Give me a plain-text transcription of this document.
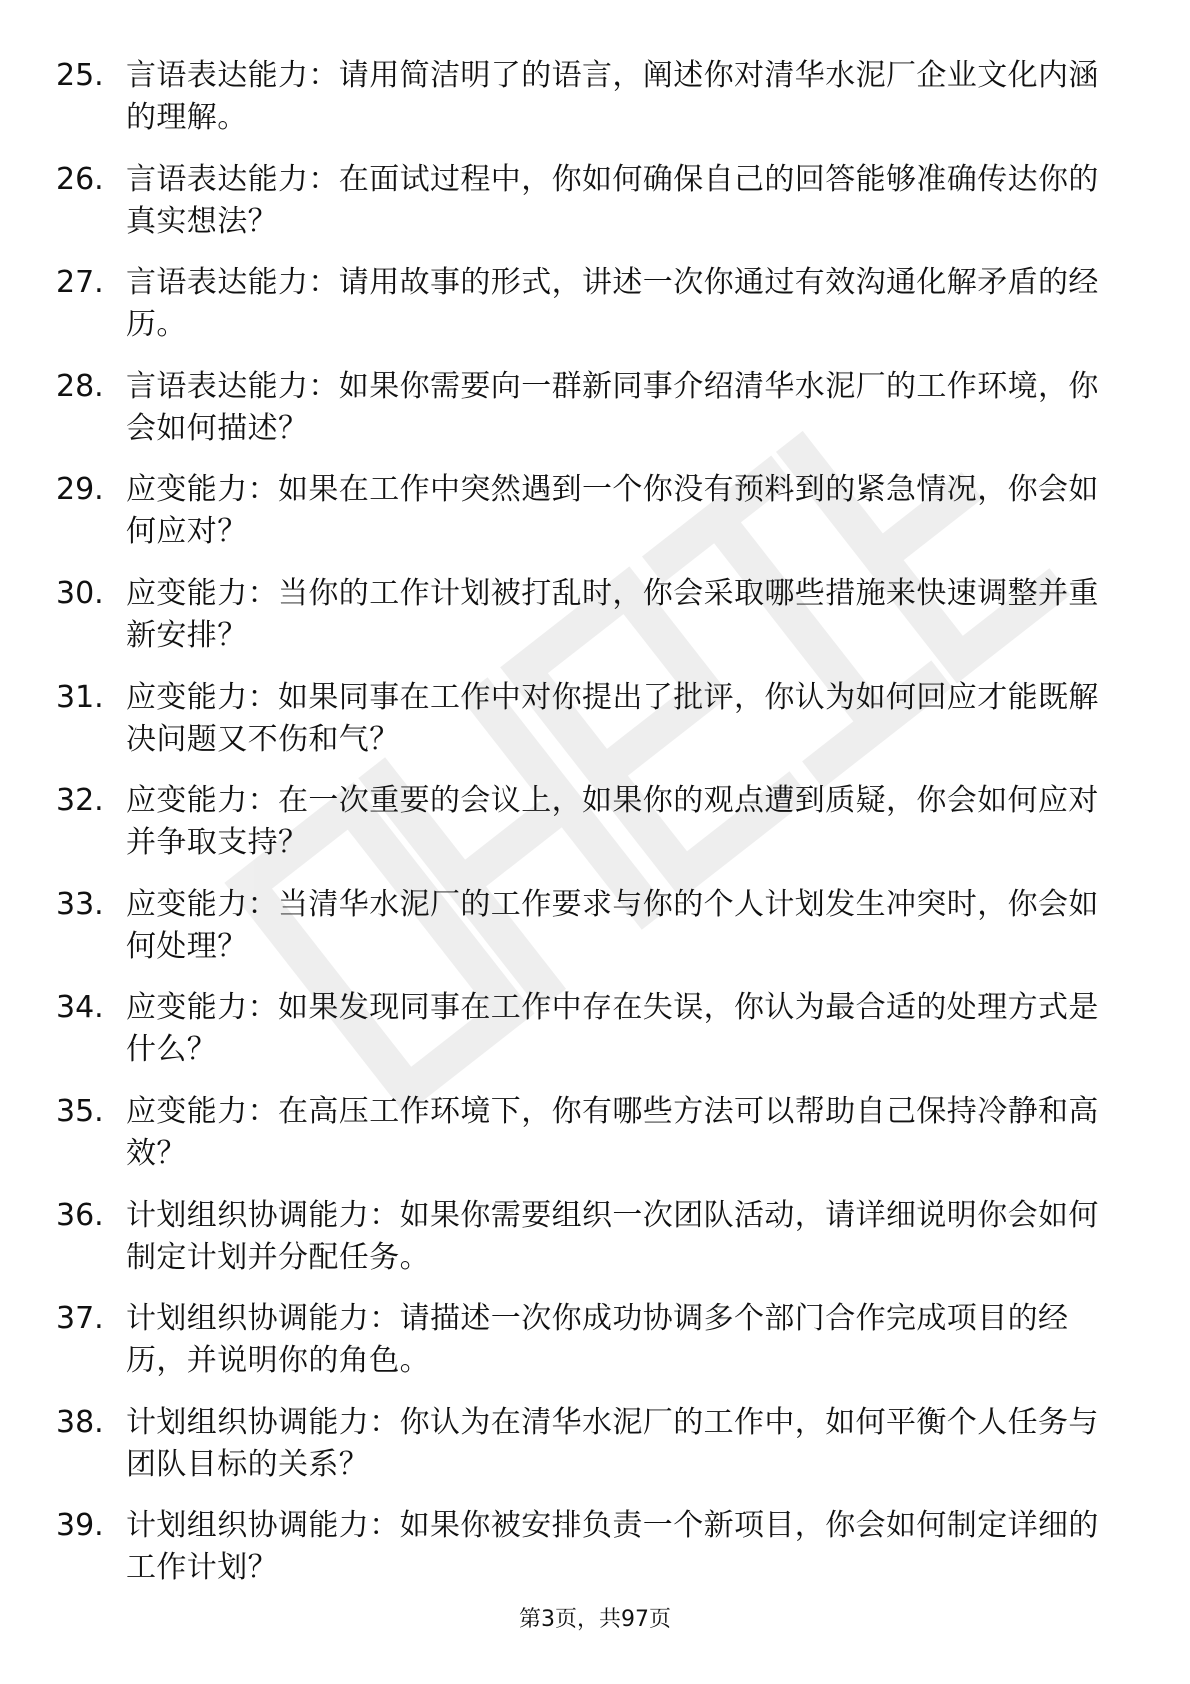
25. 言语表达能力：请用简洁明了的语言，阐述你对清华水泥厂企业文化内涵的理解。
26. 言语表达能力：在面试过程中，你如何确保自己的回答能够准确传达你的真实想法？
27. 言语表达能力：请用故事的形式，讲述一次你通过有效沟通化解矛盾的经历。
28. 言语表达能力：如果你需要向一群新同事介绍清华水泥厂的工作环境，你会如何描述？
29. 应变能力：如果在工作中突然遇到一个你没有预料到的紧急情况，你会如何应对？
30. 应变能力：当你的工作计划被打乱时，你会采取哪些措施来快速调整并重新安排？
31. 应变能力：如果同事在工作中对你提出了批评，你认为如何回应才能既解决问题又不伤和气？
32. 应变能力：在一次重要的会议上，如果你的观点遭到质疑，你会如何应对并争取支持？
33. 应变能力：当清华水泥厂的工作要求与你的个人计划发生冲突时，你会如何处理？
34. 应变能力：如果发现同事在工作中存在失误，你认为最合适的处理方式是什么？
35. 应变能力：在高压工作环境下，你有哪些方法可以帮助自己保持冷静和高效？
36. 计划组织协调能力：如果你需要组织一次团队活动，请详细说明你会如何制定计划并分配任务。
37. 计划组织协调能力：请描述一次你成功协调多个部门合作完成项目的经历，并说明你的角色。
38. 计划组织协调能力：你认为在清华水泥厂的工作中，如何平衡个人任务与团队目标的关系？
39. 计划组织协调能力：如果你被安排负责一个新项目，你会如何制定详细的工作计划？
第3页，共97页
